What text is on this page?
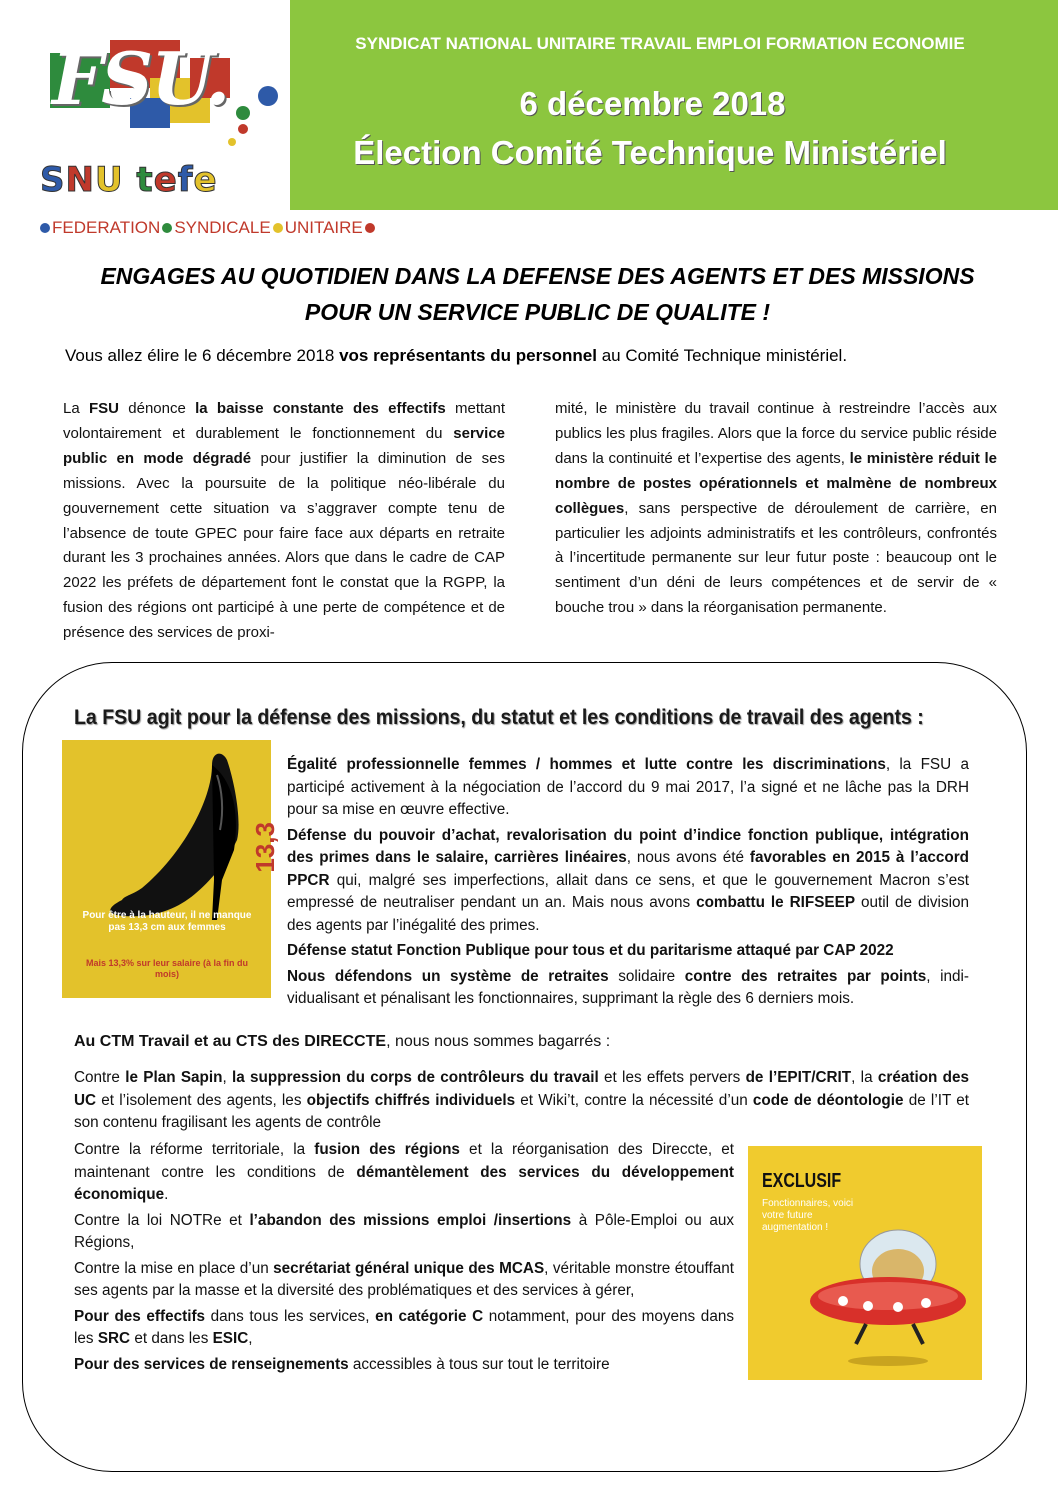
FSU.
SNU tefe
FEDERATION SYNDICALE UNITAIRE
SYNDICAT NATIONAL UNITAIRE TRAVAIL EMPLOI FORMATION ECONOMIE
6 décembre 2018
Élection Comité Technique Ministériel
ENGAGES AU QUOTIDIEN DANS LA DEFENSE DES AGENTS ET DES MISSIONS
POUR UN SERVICE PUBLIC DE QUALITE !
Vous allez élire le 6 décembre 2018 vos représentants du personnel au Comité Technique ministériel.
La FSU dénonce la baisse constante des effectifs mettant volontairement et durablement le fonctionnement du service public en mode dégradé pour justifier la diminution de ses missions. Avec la poursuite de la politique néo-libérale du gouvernement cette situation va s’aggraver compte tenu de l’absence de toute GPEC pour faire face aux départs en retraite durant les 3 prochaines années. Alors que dans le cadre de CAP 2022 les préfets de département font le constat que la RGPP, la fusion des régions ont participé à une perte de compétence et de présence des services de proxi-
mité, le ministère du travail continue à restreindre l’accès aux publics les plus fragiles. Alors que la force du service public réside dans la continuité et l’expertise des agents, le ministère réduit le nombre de postes opérationnels et malmène de nombreux collègues, sans perspective de déroulement de carrière, en particulier les adjoints administratifs et les contrôleurs, confrontés à l’incertitude permanente sur leur futur poste : beaucoup ont le sentiment d’un déni de leurs compétences et de servir de « bouche trou » dans la réorganisation permanente.
La FSU agit pour la défense des missions, du statut et les conditions de travail des agents :
13,3
Pour être à la hauteur, il ne manque pas 13,3 cm aux femmes
Mais 13,3% sur leur salaire (à la fin du mois)

Égalité professionnelle femmes / hommes et lutte contre les discriminations, la FSU a participé activement à la négociation de l’accord du 9 mai 2017, l’a signé et ne lâche pas la DRH pour sa mise en œuvre effective.

Défense du pouvoir d’achat, revalorisation du point d’indice fonction publique, intégration des primes dans le salaire, carrières linéaires, nous avons été favorables en 2015 à l’accord PPCR qui, malgré ses imperfections, allait dans ce sens, et que le gouvernement Macron s’est empressé de neutraliser pendant un an. Mais nous avons combattu le RIFSEEP outil de division des agents par l’inégalité des primes.

Défense statut Fonction Publique pour tous et du paritarisme attaqué par CAP 2022

Nous défendons un système de retraites solidaire contre des retraites par points, individualisant et pénalisant les fonctionnaires, supprimant la règle des 6 derniers mois.

Au CTM Travail et au CTS des DIRECCTE, nous nous sommes bagarrés :

Contre le Plan Sapin, la suppression du corps de contrôleurs du travail et les effets pervers de l’EPIT/CRIT, la création des UC et l’isolement des agents, les objectifs chiffrés individuels et Wiki’t, contre la nécessité d’un code de déontologie de l’IT et son contenu fragilisant les agents de contrôle

Contre la réforme territoriale, la fusion des régions et la réorganisation des Direccte, et maintenant contre les conditions de démantèlement des services du développement économique.

Contre la loi NOTRe et l’abandon des missions emploi /insertions à Pôle-Emploi ou aux Régions,

Contre la mise en place d’un secrétariat général unique des MCAS, véritable monstre étouffant ses agents par la masse et la diversité des problématiques et des services à gérer,

Pour des effectifs dans tous les services, en catégorie C notamment, pour des moyens dans les SRC et dans les ESIC,

Pour des services de renseignements accessibles à tous sur tout le territoire

EXCLUSIF
Fonctionnaires, voici votre future augmentation !
